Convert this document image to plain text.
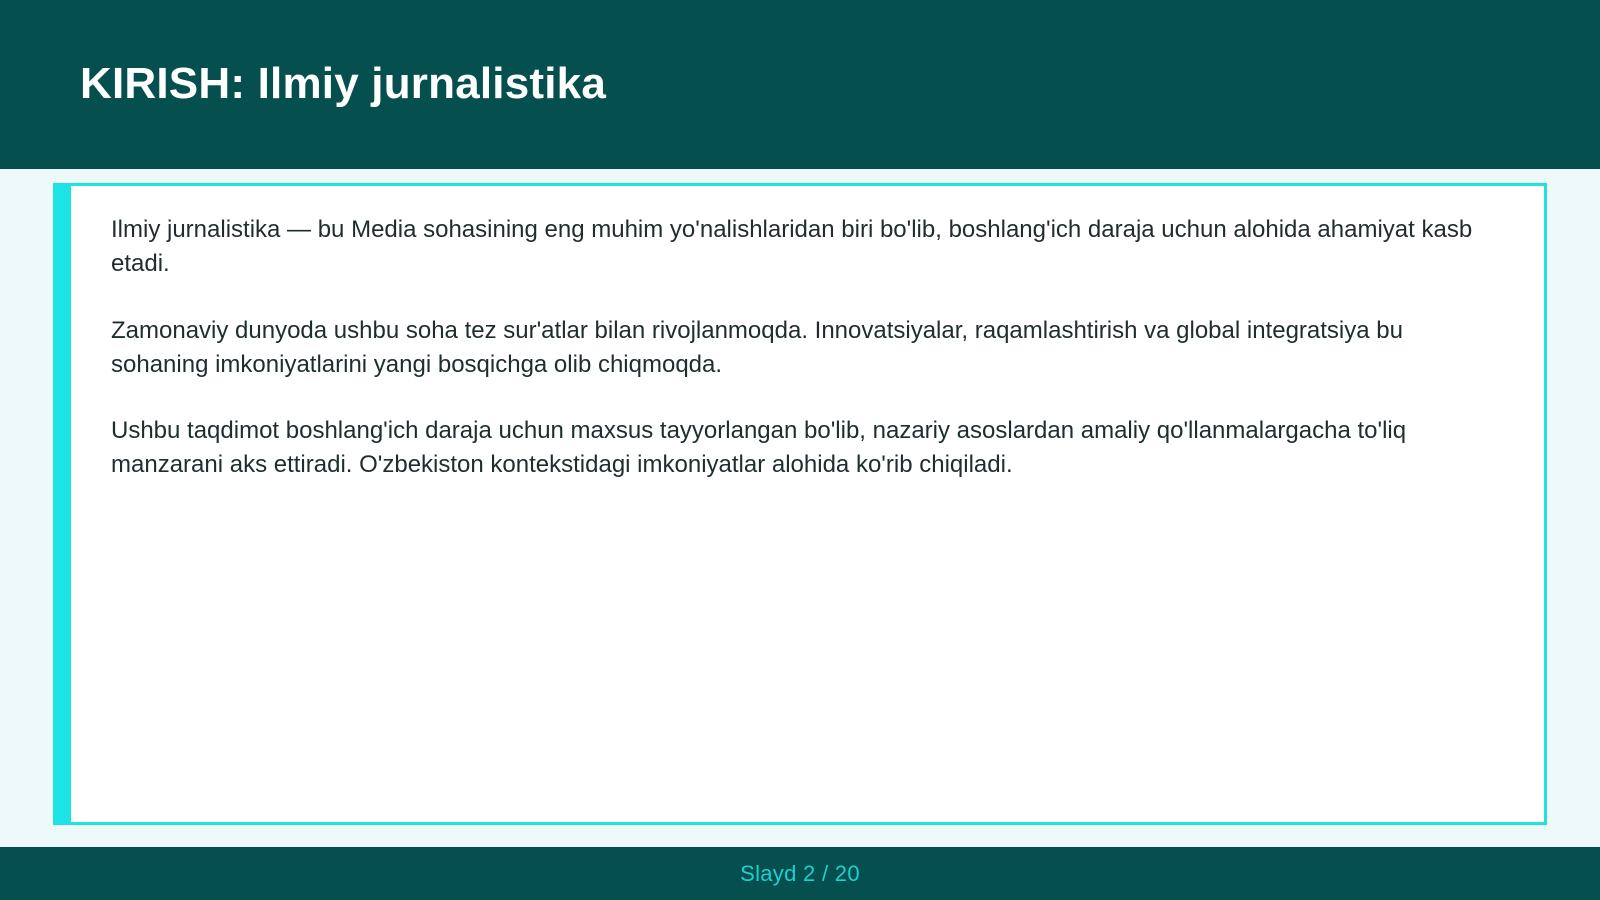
KIRISH: Ilmiy jurnalistika

Ilmiy jurnalistika — bu Media sohasining eng muhim yo'nalishlaridan biri bo'lib, boshlang'ich daraja uchun alohida ahamiyat kasb etadi.

Zamonaviy dunyoda ushbu soha tez sur'atlar bilan rivojlanmoqda. Innovatsiyalar, raqamlashtirish va global integratsiya bu sohaning imkoniyatlarini yangi bosqichga olib chiqmoqda.

Ushbu taqdimot boshlang'ich daraja uchun maxsus tayyorlangan bo'lib, nazariy asoslardan amaliy qo'llanmalargacha to'liq manzarani aks ettiradi. O'zbekiston kontekstidagi imkoniyatlar alohida ko'rib chiqiladi.

Slayd 2 / 20
